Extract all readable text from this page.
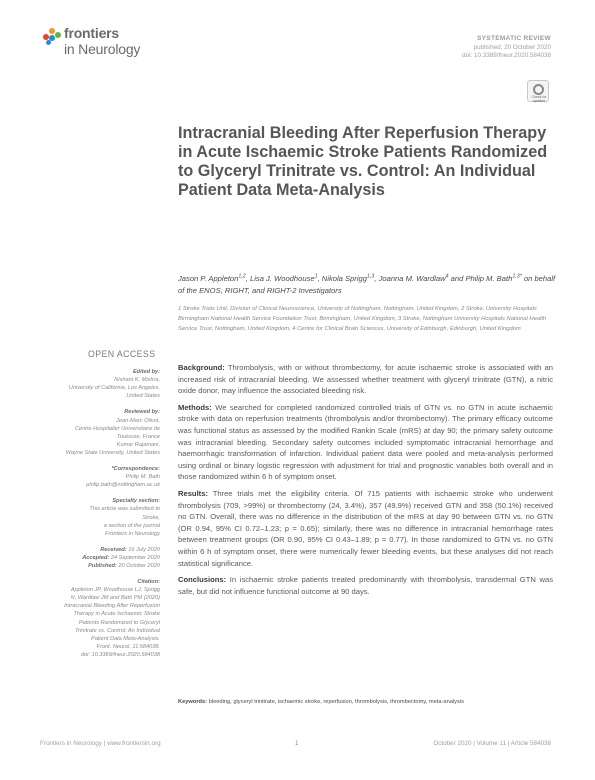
frontiers
in Neurology
SYSTEMATIC REVIEW
published: 20 October 2020
doi: 10.3389/fneur.2020.584038
Check for
updates
Intracranial Bleeding After Reperfusion Therapy in Acute Ischaemic Stroke Patients Randomized to Glyceryl Trinitrate vs. Control: An Individual Patient Data Meta-Analysis
Jason P. Appleton$^{1,2}$, Lisa J. Woodhouse$^1$, Nikola Sprigg$^{1,3}$, Joanna M. Wardlaw$^4$ and Philip M. Bath$^{1,3*}$ on behalf of the ENOS, RIGHT, and RIGHT-2 Investigators
1 Stroke Trials Unit, Division of Clinical Neuroscience, University of Nottingham, Nottingham, United Kingdom, 2 Stroke, University Hospitals Birmingham National Health Service Foundation Trust, Birmingham, United Kingdom, 3 Stroke, Nottingham University Hospitals National Health Service Trust, Nottingham, United Kingdom, 4 Centre for Clinical Brain Sciences, University of Edinburgh, Edinburgh, United Kingdom
OPEN ACCESS
Edited by:
Nishant K. Mishra,
University of California, Los Angeles,
United States
Reviewed by:
Jean-Marc Olivot,
Centre Hospitalier Universitaire de
Toulouse, France
Kumar Rajamani,
Wayne State University, United States
*Correspondence:
Philip M. Bath
philip.bath@nottingham.ac.uk
Specialty section:
This article was submitted to
Stroke,
a section of the journal
Frontiers in Neurology
Received: 16 July 2020
Accepted: 24 September 2020
Published: 20 October 2020
Citation:
Appleton JP, Woodhouse LJ, Sprigg
N, Wardlaw JM and Bath PM (2020)
Intracranial Bleeding After Reperfusion
Therapy in Acute Ischaemic Stroke
Patients Randomized to Glyceryl
Trinitrate vs. Control: An Individual
Patient Data Meta-Analysis.
Front. Neurol. 11:584038.
doi: 10.3389/fneur.2020.584038

Background: Thrombolysis, with or without thrombectomy, for acute ischaemic stroke is associated with an increased risk of intracranial bleeding. We assessed whether treatment with glyceryl trinitrate (GTN), a nitric oxide donor, may influence the associated bleeding risk.

Methods: We searched for completed randomized controlled trials of GTN vs. no GTN in acute ischaemic stroke with data on reperfusion treatments (thrombolysis and/or thrombectomy). The primary efficacy outcome was functional status as assessed by the modified Rankin Scale (mRS) at day 90; the primary safety outcome was intracranial bleeding. Secondary safety outcomes included symptomatic intracranial hemorrhage and haemorrhagic transformation of infarction. Individual patient data were pooled and meta-analysis performed using ordinal or binary logistic regression with adjustment for trial and prognostic variables both overall and in those randomized within 6 h of symptom onset.

Results: Three trials met the eligibility criteria. Of 715 patients with ischaemic stroke who underwent thrombolysis (709, >99%) or thrombectomy (24, 3.4%), 357 (49.9%) received GTN and 358 (50.1%) received no GTN. Overall, there was no difference in the distribution of the mRS at day 90 between GTN vs. no GTN (OR 0.94, 95% CI 0.72–1.23; p = 0.65); similarly, there was no difference in intracranial hemorrhage rates between treatment groups (OR 0.90, 95% CI 0.43–1.89; p = 0.77). In those randomized to GTN vs. no GTN within 6 h of symptom onset, there were numerically fewer bleeding events, but these analyses did not reach statistical significance.

Conclusions: In ischaemic stroke patients treated predominantly with thrombolysis, transdermal GTN was safe, but did not influence functional outcome at 90 days.

Keywords: bleeding, glyceryl trinitrate, ischaemic stroke, reperfusion, thrombolysis, thrombectomy, meta-analysis
Frontiers in Neurology | www.frontiersin.org	1	October 2020 | Volume 11 | Article 584038
